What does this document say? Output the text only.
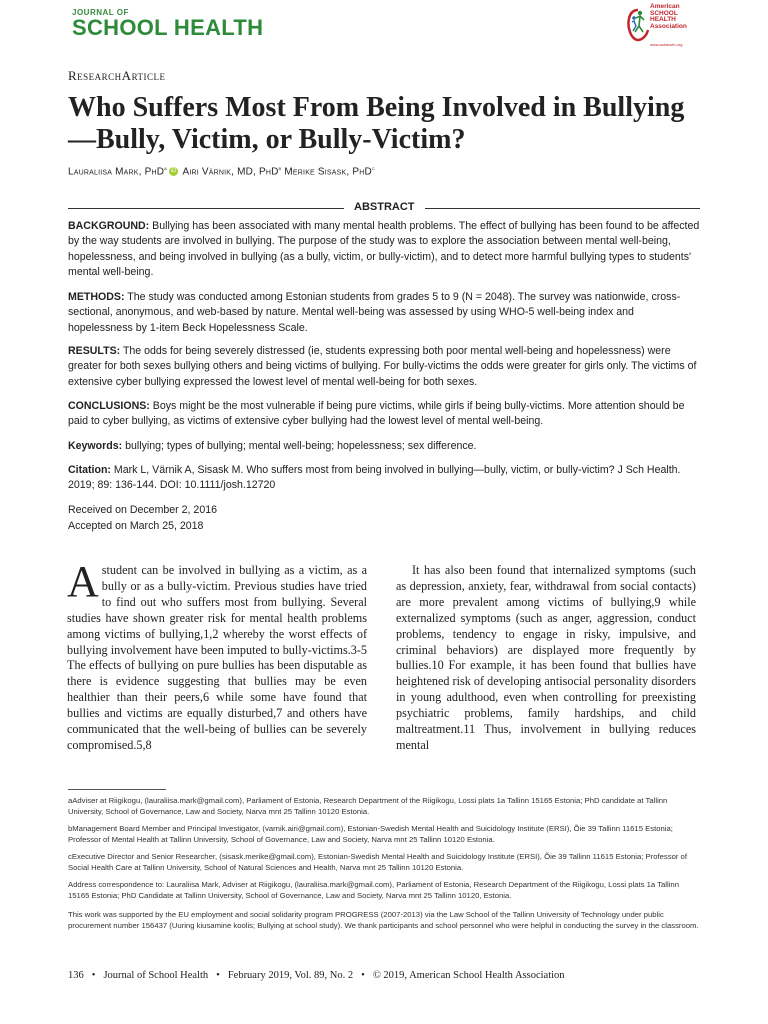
JOURNAL OF
SCHOOL HEALTH
American
SCHOOL
HEALTH
Association
www.ashaweb.org
ResearchArticle
Who Suffers Most From Being Involved in Bullying—Bully, Victim, or Bully-Victim?
Lauraliisa Mark, PhD$^a$ iD Airi Värnik, MD, PhD$^b$ Merike Sisask, PhD$^c$
ABSTRACT
BACKGROUND: Bullying has been associated with many mental health problems. The effect of bullying has been found to be affected by the way students are involved in bullying. The purpose of the study was to explore the association between mental well-being, hopelessness, and being involved in bullying (as a bully, victim, or bully-victim), and to detect more harmful bullying types to students' mental well-being.
METHODS: The study was conducted among Estonian students from grades 5 to 9 (N = 2048). The survey was nationwide, cross-sectional, anonymous, and web-based by nature. Mental well-being was assessed by using WHO-5 well-being index and hopelessness by 1-item Beck Hopelessness Scale.
RESULTS: The odds for being severely distressed (ie, students expressing both poor mental well-being and hopelessness) were greater for both sexes bullying others and being victims of bullying. For bully-victims the odds were greater for girls only. The victims of extensive cyber bullying expressed the lowest level of mental well-being for both sexes.
CONCLUSIONS: Boys might be the most vulnerable if being pure victims, while girls if being bully-victims. More attention should be paid to cyber bullying, as victims of extensive cyber bullying had the lowest level of mental well-being.
Keywords: bullying; types of bullying; mental well-being; hopelessness; sex difference.
Citation: Mark L, Värnik A, Sisask M. Who suffers most from being involved in bullying—bully, victim, or bully-victim? J Sch Health. 2019; 89: 136-144. DOI: 10.1111/josh.12720
Received on December 2, 2016
Accepted on March 25, 2018
Astudent can be involved in bullying as a victim, as a bully or as a bully-victim. Previous studies have tried to find out who suffers most from bullying. Several studies have shown greater risk for mental health problems among victims of bullying,1,2 whereby the worst effects of bullying involvement have been imputed to bully-victims.3-5 The effects of bullying on pure bullies has been disputable as there is evidence suggesting that bullies may be even healthier than their peers,6 while some have found that bullies and victims are equally disturbed,7 and others have communicated that the well-being of bullies can be severely compromised.5,8
It has also been found that internalized symptoms (such as depression, anxiety, fear, withdrawal from social contacts) are more prevalent among victims of bullying,9 while externalized symptoms (such as anger, aggression, conduct problems, tendency to engage in risky, impulsive, and criminal behaviors) are displayed more frequently by bullies.10 For example, it has been found that bullies have heightened risk of developing antisocial personality disorders in young adulthood, even when controlling for preexisting psychiatric problems, family hardships, and child maltreatment.11 Thus, involvement in bullying reduces mental
aAdviser at Riigikogu, (lauraliisa.mark@gmail.com), Parliament of Estonia, Research Department of the Riigikogu, Lossi plats 1a Tallinn 15165 Estonia; PhD candidate at Tallinn University, School of Governance, Law and Society, Narva mnt 25 Tallinn 10120 Estonia.
bManagement Board Member and Principal Investigator, (varnik.airi@gmail.com), Estonian-Swedish Mental Health and Suicidology Institute (ERSI), Õie 39 Tallinn 11615 Estonia; Professor of Mental Health at Tallinn University, School of Governance, Law and Society, Narva mnt 25 Tallinn 10120 Estonia.
cExecutive Director and Senior Researcher, (sisask.merike@gmail.com), Estonian-Swedish Mental Health and Suicidology Institute (ERSI), Õie 39 Tallinn 11615 Estonia; Professor of Social Health Care at Tallinn University, School of Natural Sciences and Health, Narva mnt 25 Tallinn 10120 Estonia.
Address correspondence to: Lauraliisa Mark, Adviser at Riigikogu, (lauraliisa.mark@gmail.com), Parliament of Estonia, Research Department of the Riigikogu, Lossi plats 1a Tallinn 15165 Estonia; PhD Candidate at Tallinn University, School of Governance, Law and Society, Narva mnt 25 Tallinn 10120, Estonia.
This work was supported by the EU employment and social solidarity program PROGRESS (2007-2013) via the Law School of the Tallinn University of Technology under public procurement number 156437 (Uuring kiusamine koolis; Bullying at school study). We thank participants and school personnel who were helpful in conducting the survey in the classroom.
136 • Journal of School Health • February 2019, Vol. 89, No. 2 • © 2019, American School Health Association
